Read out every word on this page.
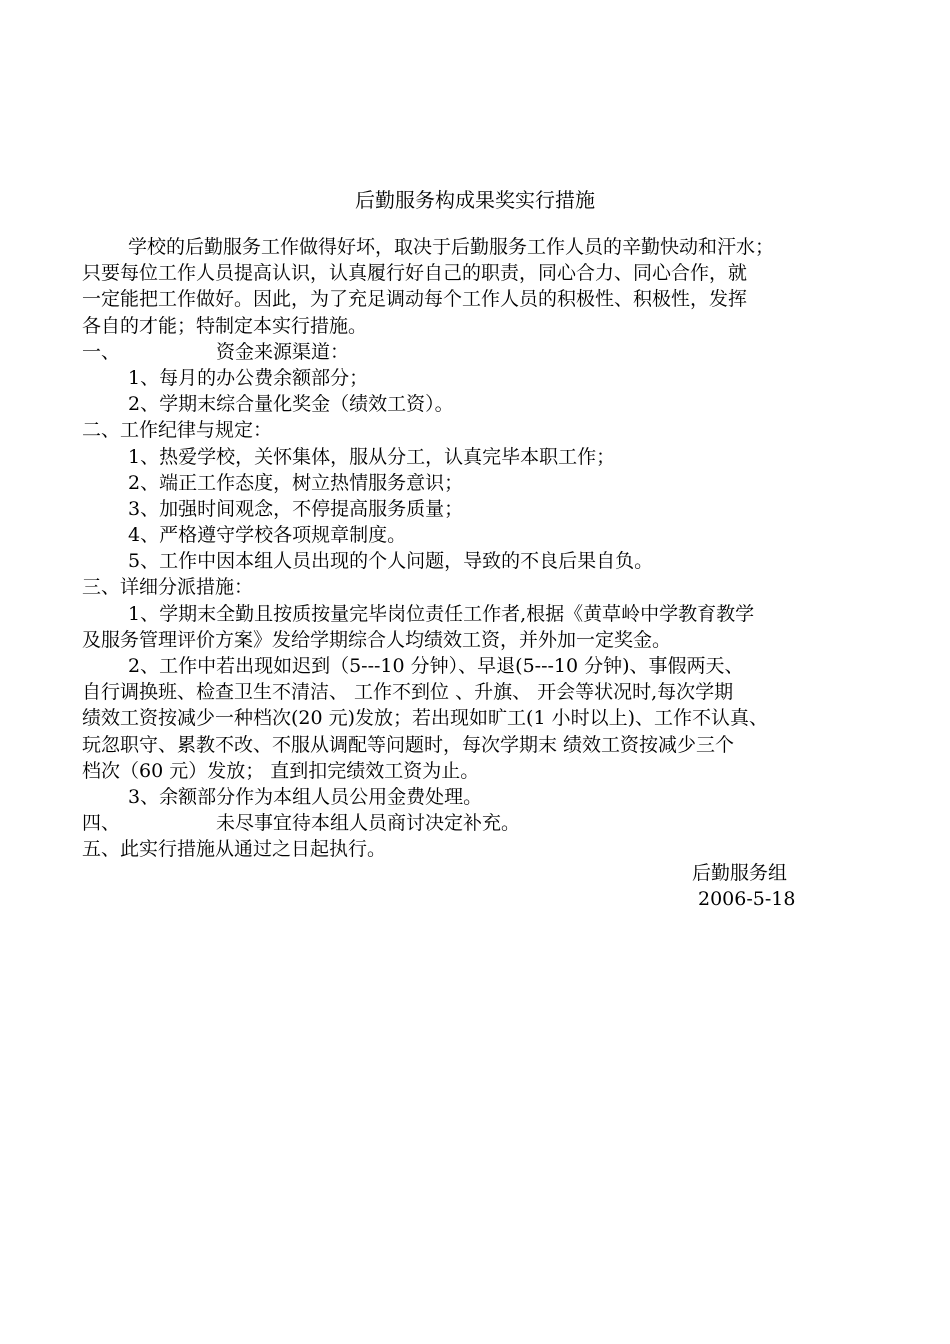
后勤服务构成果奖实行措施
学校的后勤服务工作做得好坏，取决于后勤服务工作人员的辛勤快动和汗水；
只要每位工作人员提高认识，认真履行好自己的职责，同心合力、同心合作，就
一定能把工作做好。因此，为了充足调动每个工作人员的积极性、积极性，发挥
各自的才能；特制定本实行措施。
一、	资金来源渠道：
1、每月的办公费余额部分；
2、学期末综合量化奖金（绩效工资）。
二、工作纪律与规定：
1、热爱学校，关怀集体，服从分工，认真完毕本职工作；
2、端正工作态度，树立热情服务意识；
3、加强时间观念，不停提高服务质量；
4、严格遵守学校各项规章制度。
5、工作中因本组人员出现的个人问题，导致的不良后果自负。
三、详细分派措施：
1、学期末全勤且按质按量完毕岗位责任工作者,根据《黄草岭中学教育教学
及服务管理评价方案》发给学期综合人均绩效工资，并外加一定奖金。
2、工作中若出现如迟到（5---10 分钟）、早退(5---10 分钟)、事假两天、
自行调换班、检查卫生不清洁、 工作不到位 、升旗、 开会等状况时,每次学期
绩效工资按减少一种档次(20 元)发放；若出现如旷工(1 小时以上)、工作不认真、
玩忽职守、累教不改、不服从调配等问题时，每次学期末 绩效工资按减少三个
档次（60 元）发放； 直到扣完绩效工资为止。
3、余额部分作为本组人员公用金费处理。
四、	未尽事宜待本组人员商讨决定补充。
五、此实行措施从通过之日起执行。
后勤服务组
2006-5-18
